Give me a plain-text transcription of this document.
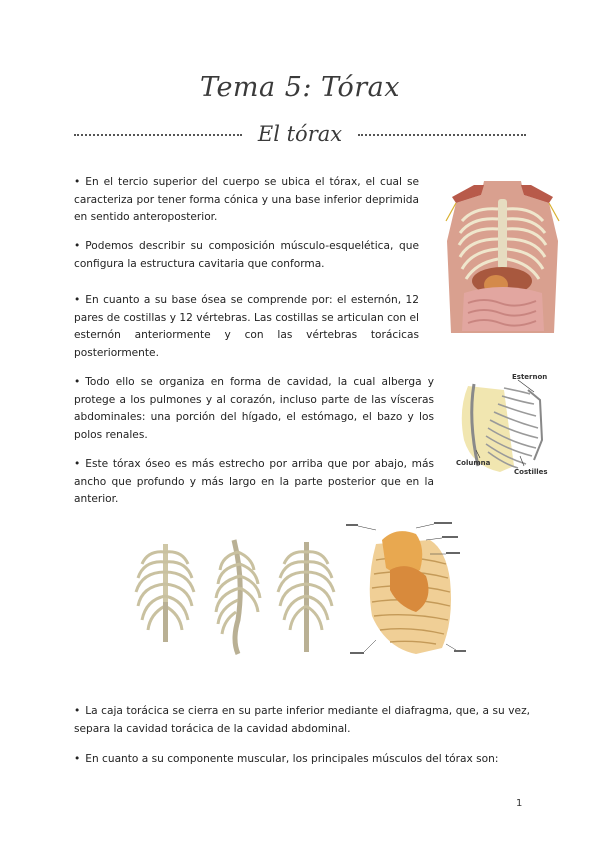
Tema 5: Tórax
El tórax

• En el tercio superior del cuerpo se ubica el tórax, el cual se caracteriza por tener forma cónica y una base inferior deprimida en sentido anteroposterior.

• Podemos describir su composición músculo-esquelética, que configura la estructura cavitaria que conforma.

• En cuanto a su base ósea se comprende por: el esternón, 12 pares de costillas y 12 vértebras. Las costillas se articulan con el esternón anteriormente y con las vértebras torácicas posteriormente.

• Todo ello se organiza en forma de cavidad, la cual alberga y protege a los pulmones y al corazón, incluso parte de las vísceras abdominales: una porción del hígado, el estómago, el bazo y los polos renales.

• Este tórax óseo es más estrecho por arriba que por abajo, más ancho que profundo y más largo en la parte posterior que en la anterior.

Esternon
Columna
Costilles

• La caja torácica se cierra en su parte inferior mediante el diafragma, que, a su vez, separa la cavidad torácica de la cavidad abdominal.

• En cuanto a su componente muscular, los principales músculos del tórax son:

1
